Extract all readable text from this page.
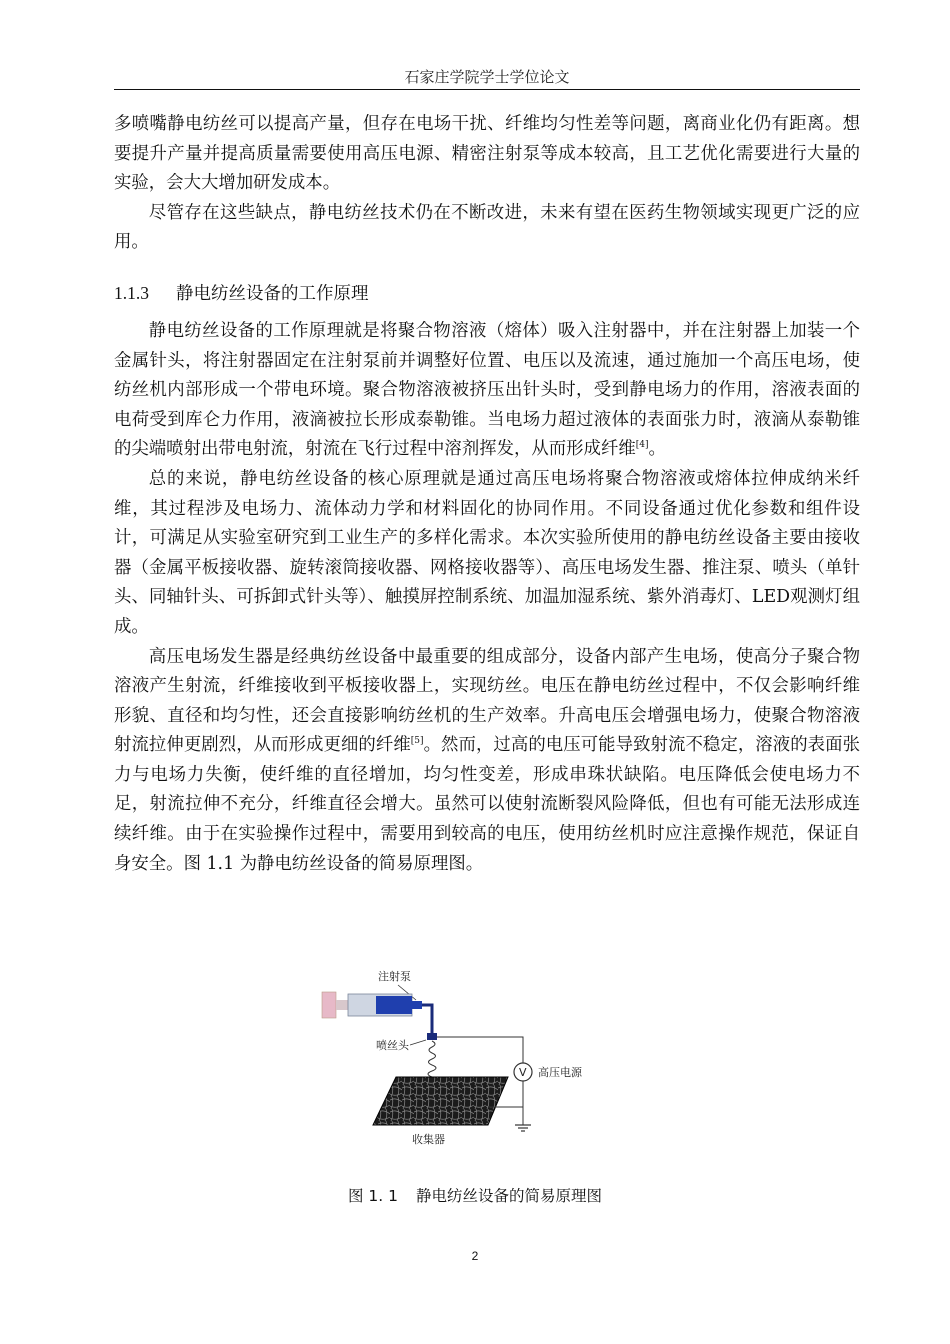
石家庄学院学士学位论文

多喷嘴静电纺丝可以提高产量，但存在电场干扰、纤维均匀性差等问题，离商业化仍有距离。想要提升产量并提高质量需要使用高压电源、精密注射泵等成本较高，且工艺优化需要进行大量的实验，会大大增加研发成本。

尽管存在这些缺点，静电纺丝技术仍在不断改进，未来有望在医药生物领域实现更广泛的应用。

1.1.3 静电纺丝设备的工作原理

静电纺丝设备的工作原理就是将聚合物溶液（熔体）吸入注射器中，并在注射器上加装一个金属针头，将注射器固定在注射泵前并调整好位置、电压以及流速，通过施加一个高压电场，使纺丝机内部形成一个带电环境。聚合物溶液被挤压出针头时，受到静电场力的作用，溶液表面的电荷受到库仑力作用，液滴被拉长形成泰勒锥。当电场力超过液体的表面张力时，液滴从泰勒锥的尖端喷射出带电射流，射流在飞行过程中溶剂挥发，从而形成纤维[4]。

总的来说，静电纺丝设备的核心原理就是通过高压电场将聚合物溶液或熔体拉伸成纳米纤维，其过程涉及电场力、流体动力学和材料固化的协同作用。不同设备通过优化参数和组件设计，可满足从实验室研究到工业生产的多样化需求。本次实验所使用的静电纺丝设备主要由接收器（金属平板接收器、旋转滚筒接收器、网格接收器等）、高压电场发生器、推注泵、喷头（单针头、同轴针头、可拆卸式针头等）、触摸屏控制系统、加温加湿系统、紫外消毒灯、LED观测灯组成。

高压电场发生器是经典纺丝设备中最重要的组成部分，设备内部产生电场，使高分子聚合物溶液产生射流，纤维接收到平板接收器上，实现纺丝。电压在静电纺丝过程中，不仅会影响纤维形貌、直径和均匀性，还会直接影响纺丝机的生产效率。升高电压会增强电场力，使聚合物溶液射流拉伸更剧烈，从而形成更细的纤维[5]。然而，过高的电压可能导致射流不稳定，溶液的表面张力与电场力失衡，使纤维的直径增加，均匀性变差，形成串珠状缺陷。电压降低会使电场力不足，射流拉伸不充分，纤维直径会增大。虽然可以使射流断裂风险降低，但也有可能无法形成连续纤维。由于在实验操作过程中，需要用到较高的电压，使用纺丝机时应注意操作规范，保证自身安全。图 1.1 为静电纺丝设备的简易原理图。

注射泵
喷丝头
收集器
V 高压电源
图 1. 1 静电纺丝设备的简易原理图
2
